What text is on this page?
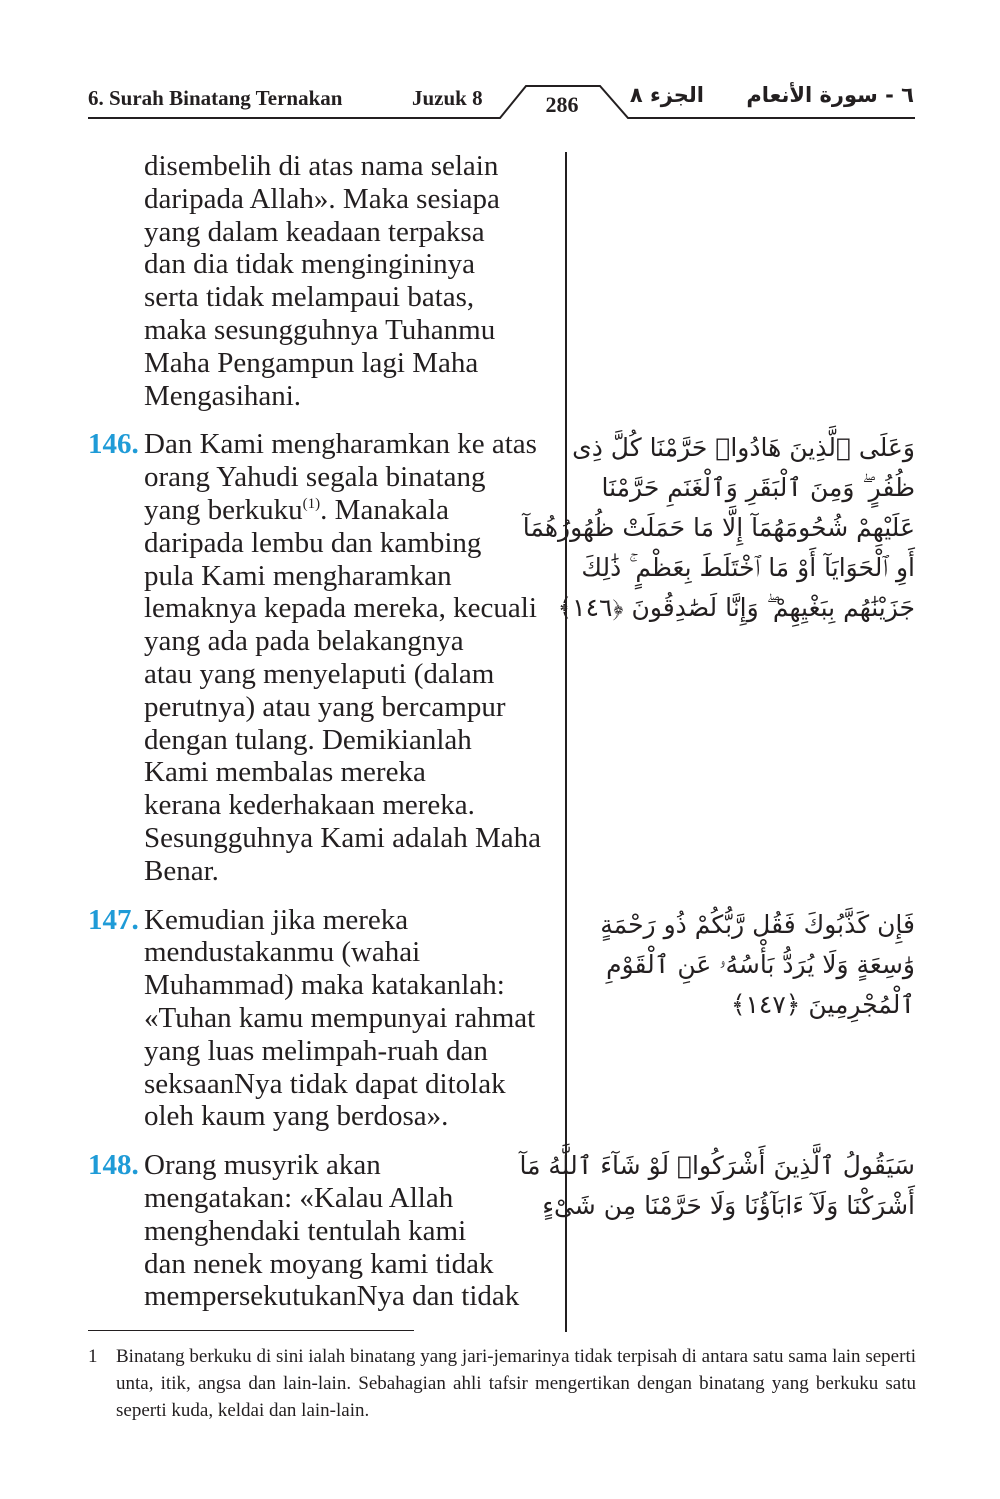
6. Surah Binatang Ternakan	Juzuk 8	286	الجزء ٨	٦ - سورة الأنعام
disembelih di atas nama selain
daripada Allah». Maka sesiapa
yang dalam keadaan terpaksa
dan dia tidak mengingininya
serta tidak melampaui batas,
maka sesungguhnya Tuhanmu
Maha Pengampun lagi Maha
Mengasihani.
146. Dan Kami mengharamkan ke atas
orang Yahudi segala binatang
yang berkuku$^{(1)}$. Manakala
daripada lembu dan kambing
pula Kami mengharamkan
lemaknya kepada mereka, kecuali
yang ada pada belakangnya
atau yang menyelaputi (dalam
perutnya) atau yang bercampur
dengan tulang. Demikianlah
Kami membalas mereka
kerana kederhakaan mereka.
Sesungguhnya Kami adalah Maha
Benar.
147. Kemudian jika mereka
mendustakanmu (wahai
Muhammad) maka katakanlah:
«Tuhan kamu mempunyai rahmat
yang luas melimpah-ruah dan
seksaanNya tidak dapat ditolak
oleh kaum yang berdosa».
148. Orang musyrik akan
mengatakan: «Kalau Allah
menghendaki tentulah kami
dan nenek moyang kami tidak
mempersekutukanNya dan tidak
وَعَلَى ٱلَّذِينَ هَادُوا۟ حَرَّمْنَا كُلَّ ذِى
ظُفُرٍ ۖ وَمِنَ ٱلْبَقَرِ وَٱلْغَنَمِ حَرَّمْنَا
عَلَيْهِمْ شُحُومَهُمَآ إِلَّا مَا حَمَلَتْ ظُهُورُهُمَآ
أَوِ ٱلْحَوَايَآ أَوْ مَا ٱخْتَلَطَ بِعَظْمٍ ۚ ذَٰلِكَ
جَزَيْنَٰهُم بِبَغْيِهِمْ ۖ وَإِنَّا لَصَٰدِقُونَ ﴿١٤٦﴾
فَإِن كَذَّبُوكَ فَقُل رَّبُّكُمْ ذُو رَحْمَةٍ
وَٰسِعَةٍ وَلَا يُرَدُّ بَأْسُهُۥ عَنِ ٱلْقَوْمِ
ٱلْمُجْرِمِينَ ﴿١٤٧﴾
سَيَقُولُ ٱلَّذِينَ أَشْرَكُوا۟ لَوْ شَآءَ ٱللَّهُ مَآ
أَشْرَكْنَا وَلَآ ءَابَآؤُنَا وَلَا حَرَّمْنَا مِن شَىْءٍ
1 Binatang berkuku di sini ialah binatang yang jari-jemarinya tidak terpisah di antara satu sama lain seperti unta, itik, angsa dan lain-lain. Sebahagian ahli tafsir mengertikan dengan binatang yang berkuku satu seperti kuda, keldai dan lain-lain.
